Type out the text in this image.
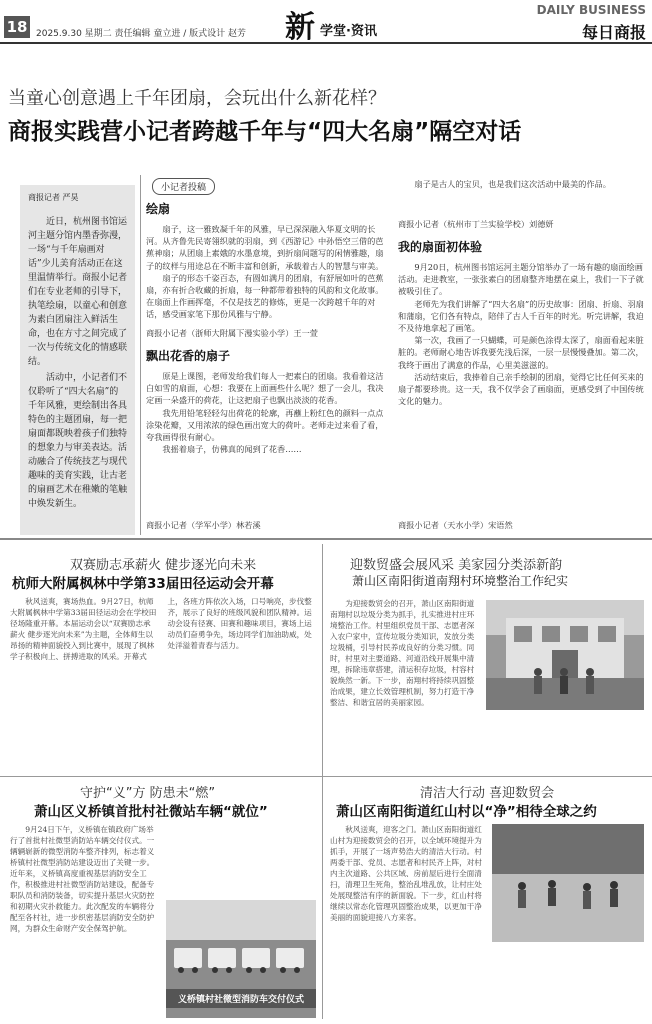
18 2025.9.30 星期二 责任编辑 童立进 / 版式设计 赵芳 新 学堂·资讯
DAILY BUSINESS
每日商报
当童心创意遇上千年团扇，会玩出什么新花样？
商报实践营小记者跨越千年与“四大名扇”隔空对话
商报记者 严昊

近日，杭州图书馆运河主题分馆内墨香弥漫，一场“与千年扇画对话”少儿美育活动正在这里温情举行。商报小记者们在专业老师的引导下，执笔绘扇，以童心和创意为素白团扇注入鲜活生命，也在方寸之间完成了一次与传统文化的情感联结。

活动中，小记者们不仅聆听了“四大名扇”的千年风雅，更绘制出各具特色的主题团扇，每一把扇面都既映着孩子们独特的想象力与审美表达。活动融合了传统技艺与现代趣味的美育实践，让古老的扇画艺术在稚嫩的笔触中焕发新生。

小记者投稿
绘扇

扇子，这一雅致凝千年的风雅，早已深深融入华夏文明的长河。从齐鲁先民寄翎织就的羽扇，到《西游记》中孙悟空三借的芭蕉神扇；从团扇上素娥的水墨意境，到折扇间题写的闲情雅趣，扇子的纹样与用途总在不断丰富和创新，承载着古人的智慧与审美。

扇子的形态千姿百态，有圆如满月的团扇，有舒展如叶的芭蕉扇，亦有折合收藏的折扇，每一种都带着独特的风韵和文化故事。在扇面上作画挥毫，不仅是技艺的修炼，更是一次跨越千年的对话，感受画家笔下那份风雅与宁静。

商报小记者（浙师大附属下漫实验小学）王一萱
飘出花香的扇子

原是上课图，老师发给我们每人一把素白的团扇。我看着这洁白如雪的扇面，心想：我要在上面画些什么呢？想了一会儿，我决定画一朵盛开的荷花，让这把扇子也飘出淡淡的花香。

我先用铅笔轻轻勾出荷花的轮廓，再蘸上粉红色的颜料一点点涂染花瓣，又用浓浓的绿色画出宽大的荷叶。老师走过来看了看，夸我画得很有耐心。

我摇着扇子，仿佛真的闻到了花香……

商报小记者（学军小学）林若溪

扇子是古人的宝贝，也是我们这次活动中最美的作品。

商报小记者（杭州市丁兰实验学校）刘德妍
我的扇面初体验

9月20日，杭州图书馆运河主题分馆举办了一场有趣的扇面绘画活动。走进教室，一张张素白的团扇整齐地摆在桌上，我们一下子就被吸引住了。

老师先为我们讲解了“四大名扇”的历史故事：团扇、折扇、羽扇和蒲扇，它们各有特点，陪伴了古人千百年的时光。听完讲解，我迫不及待地拿起了画笔。

第一次，我画了一只蝴蝶，可是颜色涂得太深了，扇面看起来脏脏的。老师耐心地告诉我要先浅后深，一层一层慢慢叠加。第二次，我终于画出了满意的作品，心里美滋滋的。

活动结束后，我捧着自己亲手绘制的团扇，觉得它比任何买来的扇子都要珍贵。这一天，我不仅学会了画扇面，更感受到了中国传统文化的魅力。

商报小记者（天水小学）宋语然
双赛励志承薪火 健步逐光向未来
杭师大附属枫林中学第33届田径运动会开幕

秋风送爽，赛场热血。9月27日，杭师大附属枫林中学第33届田径运动会在学校田径场隆重开幕。本届运动会以“双赛励志承薪火 健步逐光向未来”为主题，全体师生以昂扬的精神面貌投入到比赛中，展现了枫林学子积极向上、拼搏进取的风采。开幕式上，各班方阵依次入场，口号响亮，步伐整齐，展示了良好的班级风貌和团队精神。运动会设有径赛、田赛和趣味项目，赛场上运动员们奋勇争先，场边同学们加油助威，处处洋溢着青春与活力。

迎数贸盛会展风采 美家园分类添新韵
萧山区南阳街道南翔村环境整治工作纪实

为迎接数贸会的召开，萧山区南阳街道南翔村以垃圾分类为抓手，扎实推进村庄环境整治工作。村里组织党员干部、志愿者深入农户家中，宣传垃圾分类知识，发放分类垃圾桶，引导村民养成良好的分类习惯。同时，村里对主要道路、河道沿线开展集中清理，拆除违章搭建，清运积存垃圾，村容村貌焕然一新。下一步，南翔村将持续巩固整治成果，建立长效管理机制，努力打造干净整洁、和谐宜居的美丽家园。

守护“义”方 防患未“燃”
萧山区义桥镇首批村社微站车辆“就位”

9月24日下午，义桥镇在镇政府广场举行了首批村社微型消防站车辆交付仪式。一辆辆崭新的微型消防车整齐排列，标志着义桥镇村社微型消防站建设迈出了关键一步。近年来，义桥镇高度重视基层消防安全工作，积极推进村社微型消防站建设，配备专职队员和消防装备，切实提升基层火灾防控和初期火灾扑救能力。此次配发的车辆将分配至各村社，进一步织密基层消防安全防护网，为群众生命财产安全保驾护航。

义桥镇村社微型消防车交付仪式
清洁大行动 喜迎数贸会
萧山区南阳街道红山村以“净”相待全球之约

秋风送爽，迎客之门。萧山区南阳街道红山村为迎接数贸会的召开，以全域环境提升为抓手，开展了一场声势浩大的清洁大行动。村两委干部、党员、志愿者和村民齐上阵，对村内主次道路、公共区域、房前屋后进行全面清扫，清理卫生死角，整治乱堆乱放，让村庄处处展现整洁有序的新面貌。下一步，红山村将继续以常态化管理巩固整治成果，以更加干净美丽的面貌迎接八方来客。
